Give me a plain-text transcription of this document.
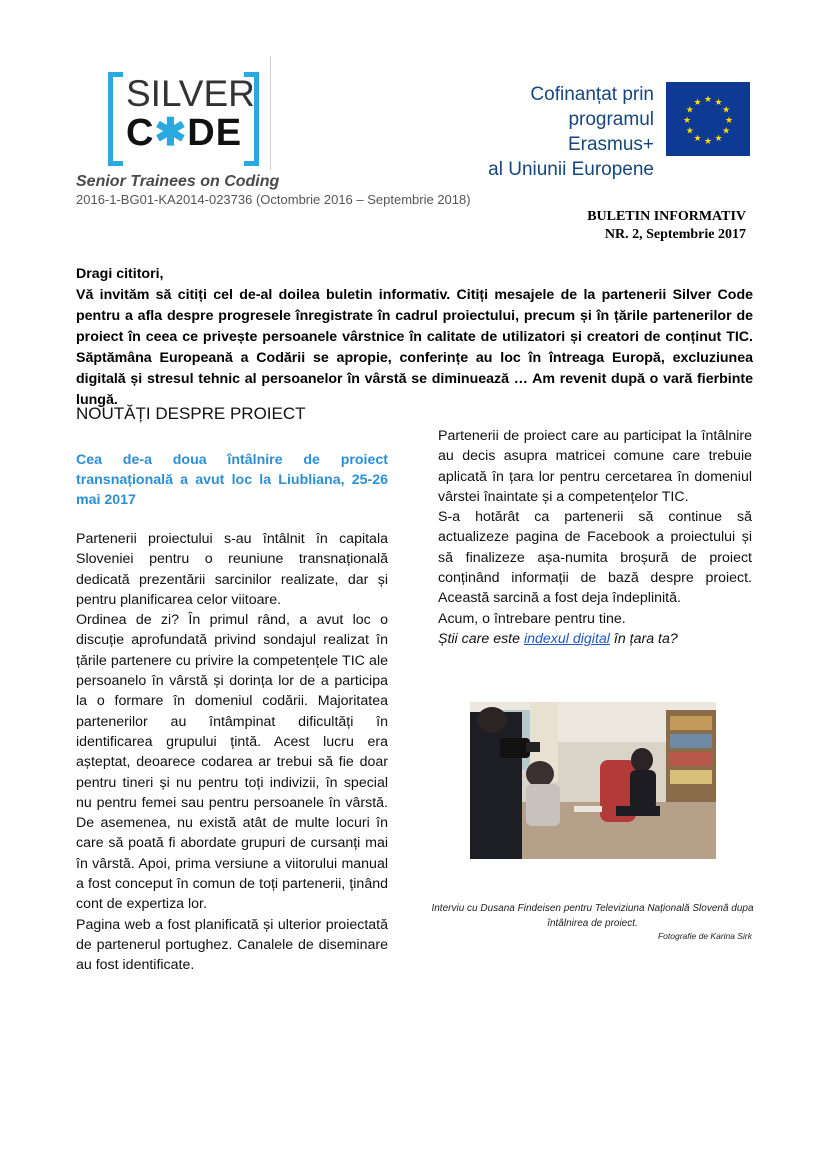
SILVER
C✱DE
Cofinanțat prin
programul Erasmus+
al Uniunii Europene
★ ★
★
★
★
★
★
★
★
★
★
★
Senior Trainees on Coding
2016-1-BG01-KA2014-023736 (Octombrie 2016 – Septembrie 2018)
BULETIN INFORMATIV
NR. 2, Septembrie 2017

Dragi cititori,

Vă invităm să citiți cel de-al doilea buletin informativ. Citiți mesajele de la partenerii Silver Code pentru a afla despre progresele înregistrate în cadrul proiectului, precum și în țările partenerilor de proiect în ceea ce privește persoanele vârstnice în calitate de utilizatori și creatori de conținut TIC. Săptămâna Europeană a Codării se apropie, conferințe au loc în întreaga Europă, excluziunea digitală și stresul tehnic al persoanelor în vârstă se diminuează … Am revenit după o vară fierbinte lungă.

NOUTĂȚI DESPRE PROIECT
Cea de-a doua întâlnire de proiect transnațională a avut loc la Liubliana, 25-26 mai 2017

Partenerii proiectului s-au întâlnit în capitala Sloveniei pentru o reuniune transnațională dedicată prezentării sarcinilor realizate, dar și pentru planificarea celor viitoare.

Ordinea de zi? În primul rând, a avut loc o discuție aprofundată privind sondajul realizat în țările partenere cu privire la competențele TIC ale persoanelo în vârstă și dorința lor de a participa la o formare în domeniul codării. Majoritatea partenerilor au întâmpinat dificultăți în identificarea grupului țintă. Acest lucru era așteptat, deoarece codarea ar trebui să fie doar pentru tineri și nu pentru toți indivizii, în special nu pentru femei sau pentru persoanele în vârstă. De asemenea, nu există atât de multe locuri în care să poată fi abordate grupuri de cursanți mai în vârstă. Apoi, prima versiune a viitorului manual a fost conceput în comun de toți partenerii, ținând cont de expertiza lor.

Pagina web a fost planificată și ulterior proiectată de partenerul portughez. Canalele de diseminare au fost identificate.

Partenerii de proiect care au participat la întâlnire au decis asupra matricei comune care trebuie aplicată în țara lor pentru cercetarea în domeniul vârstei înaintate și a competențelor TIC.

S-a hotărât ca partenerii să continue să actualizeze pagina de Facebook a proiectului și să finalizeze așa-numita broșură de proiect conținând informații de bază despre proiect. Această sarcină a fost deja îndeplinită.

Acum, o întrebare pentru tine.

Știi care este indexul digital în țara ta?

Interviu cu Dusana Findeisen pentru Televiziuna Națională Slovenă dupa întâlnirea de proiect.
Fotografie de Karina Sirk
